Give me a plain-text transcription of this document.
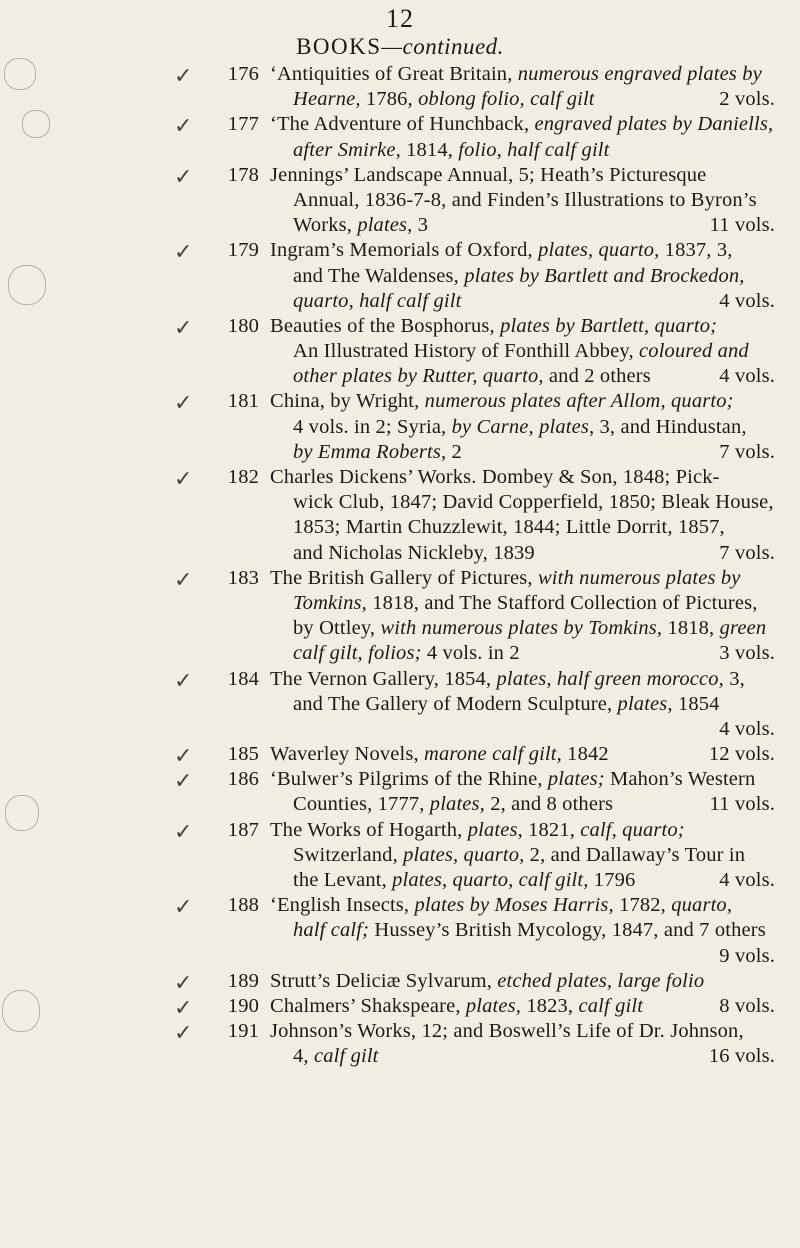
12
BOOKS—continued.
✓	176 ‘Antiquities of Great Britain, numerous engraved plates by
Hearne, 1786, oblong folio, calf gilt	2 vols.
✓	177 ‘The Adventure of Hunchback, engraved plates by Daniells,
after Smirke, 1814, folio, half calf gilt
✓	178 Jennings’ Landscape Annual, 5; Heath’s Picturesque
Annual, 1836-7-8, and Finden’s Illustrations to Byron’s
Works, plates, 3	11 vols.
✓	179 Ingram’s Memorials of Oxford, plates, quarto, 1837, 3,
and The Waldenses, plates by Bartlett and Brockedon,
quarto, half calf gilt	4 vols.
✓	180 Beauties of the Bosphorus, plates by Bartlett, quarto;
An Illustrated History of Fonthill Abbey, coloured and
other plates by Rutter, quarto, and 2 others	4 vols.
✓	181 China, by Wright, numerous plates after Allom, quarto;
4 vols. in 2; Syria, by Carne, plates, 3, and Hindustan,
by Emma Roberts, 2	7 vols.
✓	182 Charles Dickens’ Works. Dombey & Son, 1848; Pick-
wick Club, 1847; David Copperfield, 1850; Bleak House,
1853; Martin Chuzzlewit, 1844; Little Dorrit, 1857,
and Nicholas Nickleby, 1839	7 vols.
✓	183 The British Gallery of Pictures, with numerous plates by
Tomkins, 1818, and The Stafford Collection of Pictures,
by Ottley, with numerous plates by Tomkins, 1818, green
calf gilt, folios; 4 vols. in 2	3 vols.
✓	184 The Vernon Gallery, 1854, plates, half green morocco, 3,
and The Gallery of Modern Sculpture, plates, 1854
4 vols.
✓	185 Waverley Novels, marone calf gilt, 1842	12 vols.
✓	186 ‘Bulwer’s Pilgrims of the Rhine, plates; Mahon’s Western
Counties, 1777, plates, 2, and 8 others	11 vols.
✓	187 The Works of Hogarth, plates, 1821, calf, quarto;
Switzerland, plates, quarto, 2, and Dallaway’s Tour in
the Levant, plates, quarto, calf gilt, 1796	4 vols.
✓	188 ‘English Insects, plates by Moses Harris, 1782, quarto,
half calf; Hussey’s British Mycology, 1847, and 7 others
9 vols.
✓	189 Strutt’s Deliciæ Sylvarum, etched plates, large folio
✓	190 Chalmers’ Shakspeare, plates, 1823, calf gilt	8 vols.
✓	191 Johnson’s Works, 12; and Boswell’s Life of Dr. Johnson,
4, calf gilt	16 vols.
